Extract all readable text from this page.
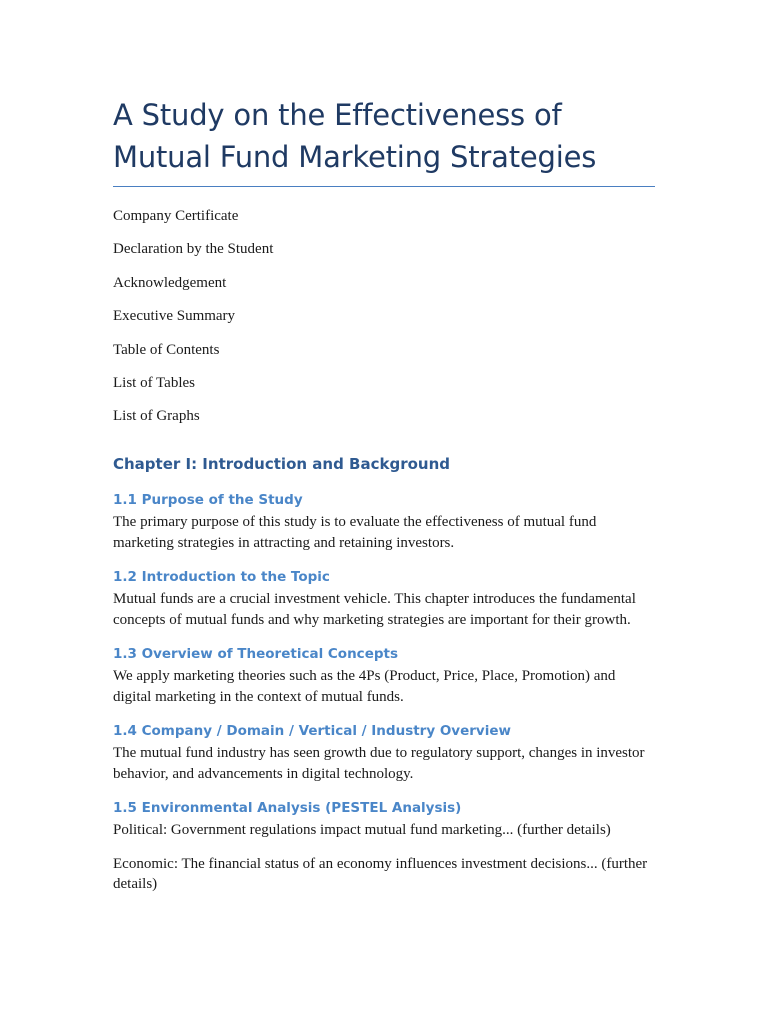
A Study on the Effectiveness of Mutual Fund Marketing Strategies
Company Certificate
Declaration by the Student
Acknowledgement
Executive Summary
Table of Contents
List of Tables
List of Graphs
Chapter I: Introduction and Background
1.1 Purpose of the Study

The primary purpose of this study is to evaluate the effectiveness of mutual fund marketing strategies in attracting and retaining investors.

1.2 Introduction to the Topic

Mutual funds are a crucial investment vehicle. This chapter introduces the fundamental concepts of mutual funds and why marketing strategies are important for their growth.

1.3 Overview of Theoretical Concepts

We apply marketing theories such as the 4Ps (Product, Price, Place, Promotion) and digital marketing in the context of mutual funds.

1.4 Company / Domain / Vertical / Industry Overview

The mutual fund industry has seen growth due to regulatory support, changes in investor behavior, and advancements in digital technology.

1.5 Environmental Analysis (PESTEL Analysis)

Political: Government regulations impact mutual fund marketing... (further details)

Economic: The financial status of an economy influences investment decisions... (further details)
